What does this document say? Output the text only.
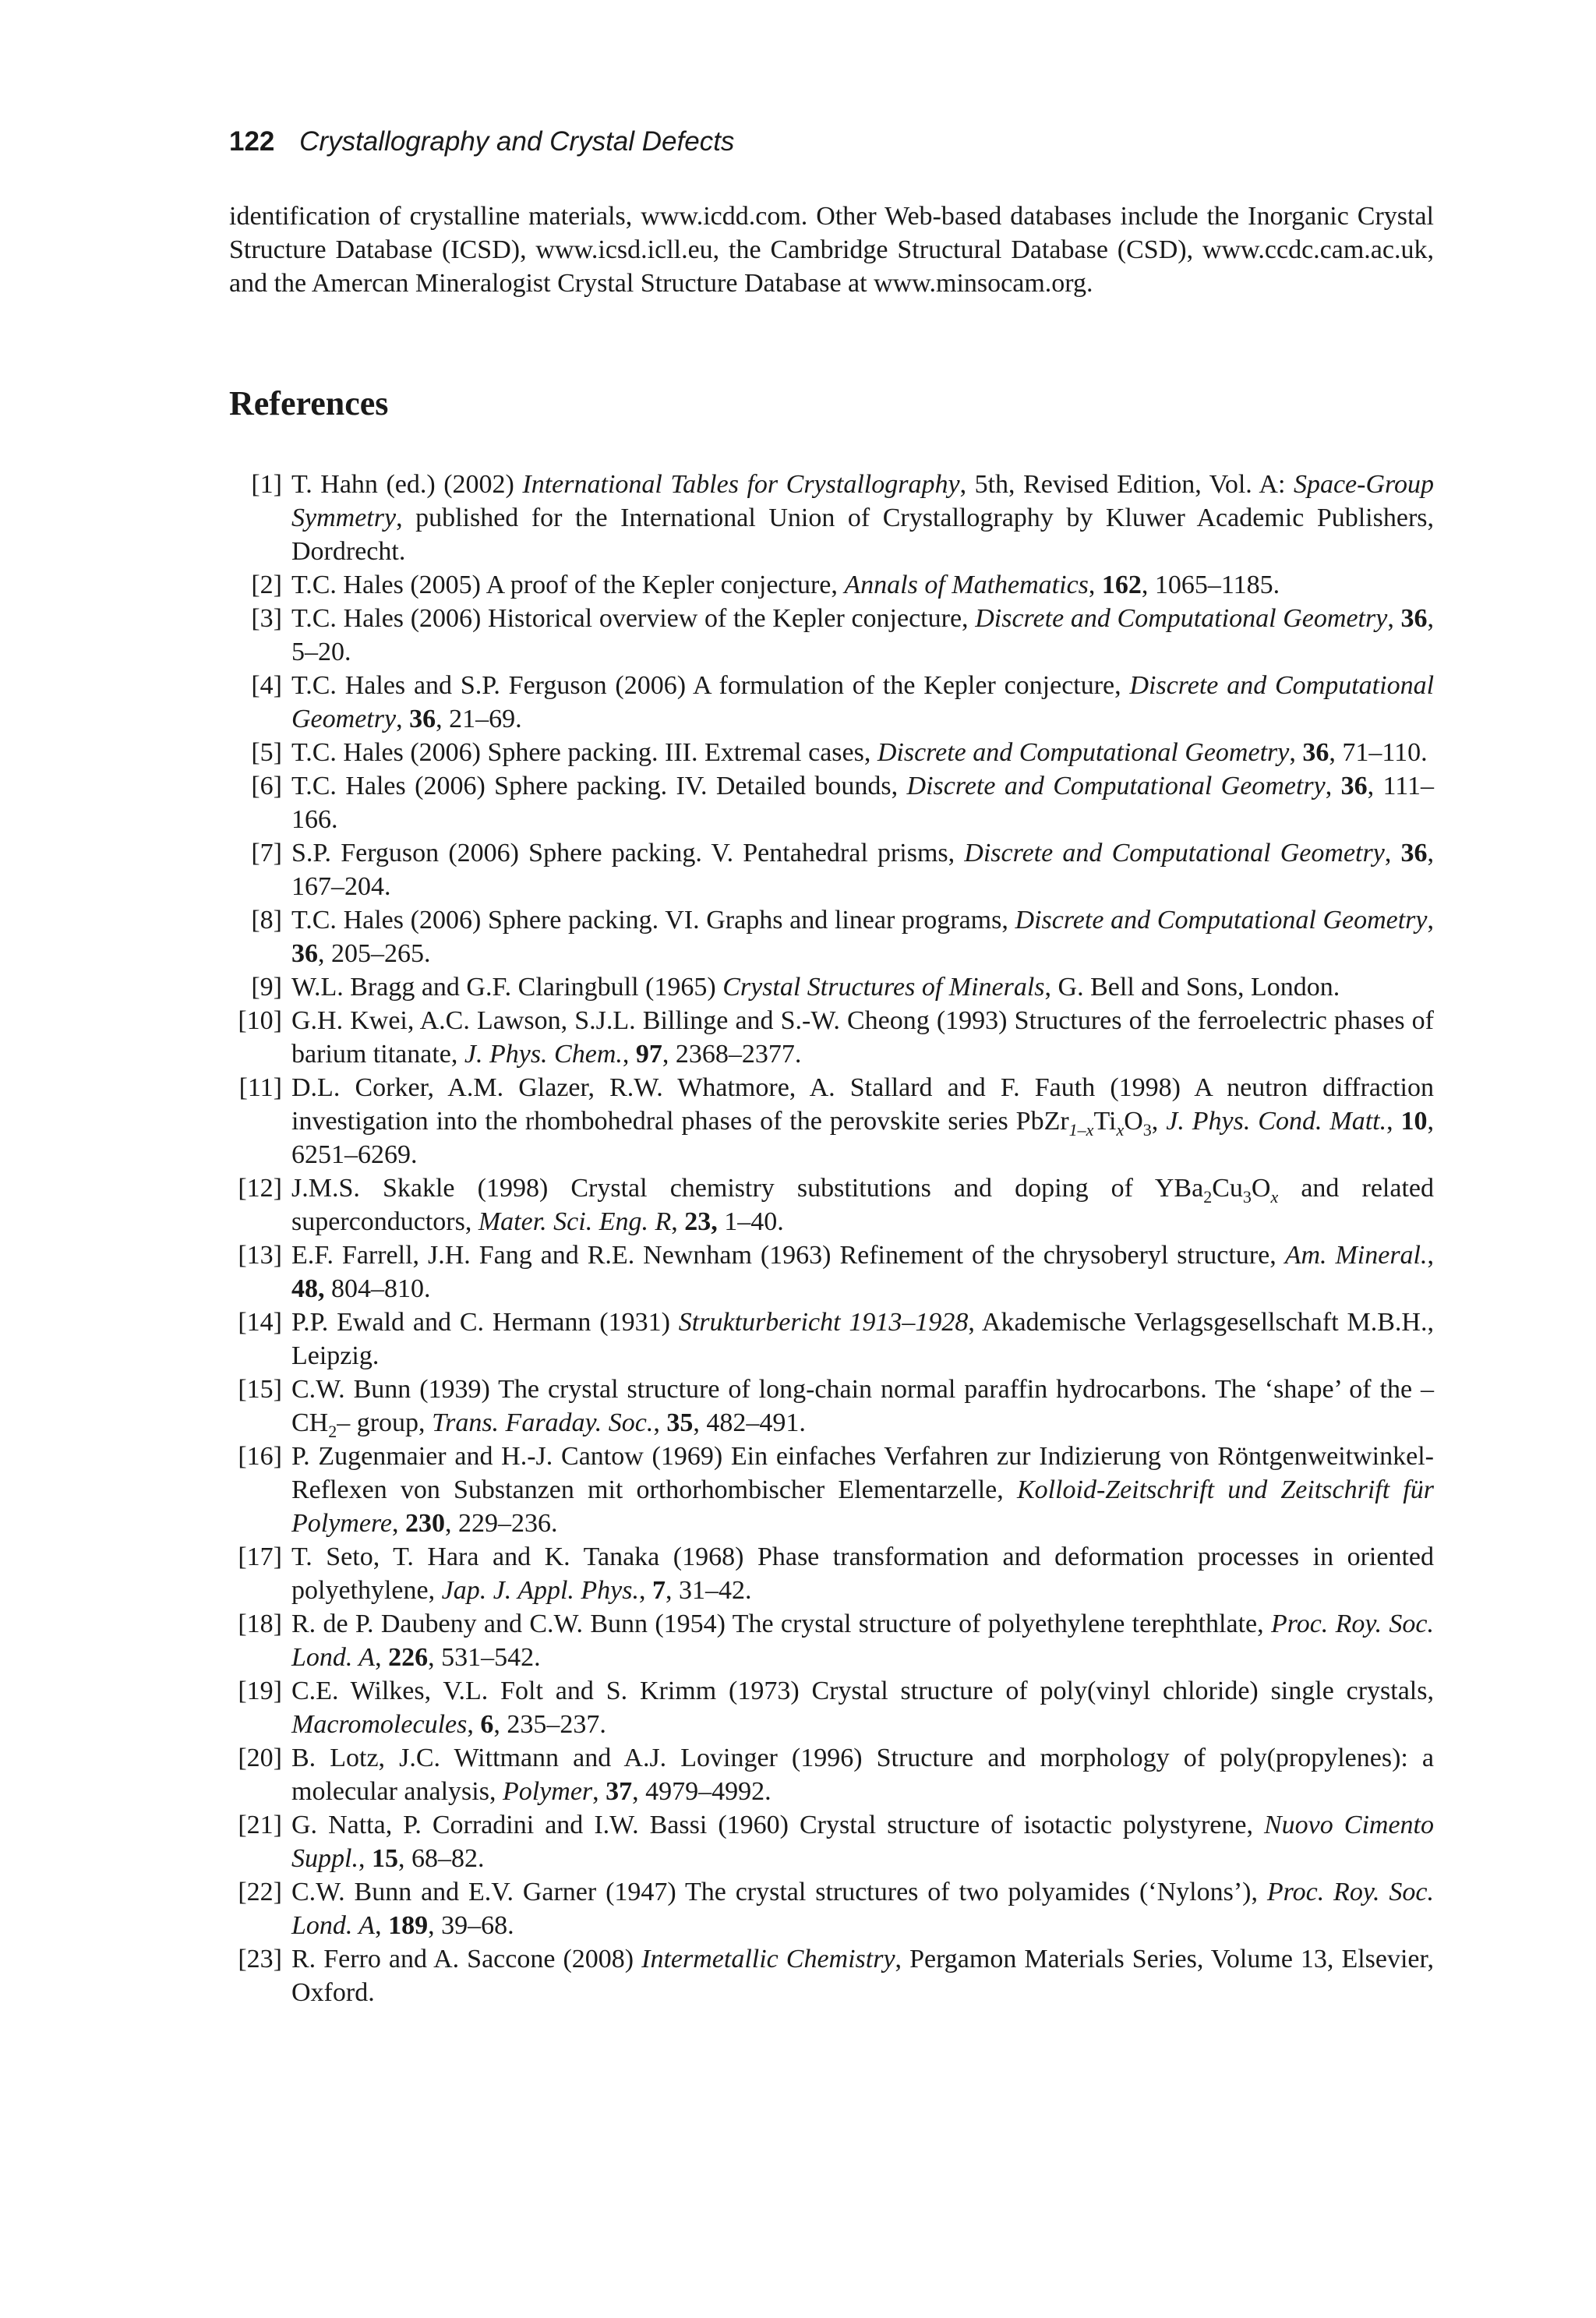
122 Crystallography and Crystal Defects

identification of crystalline materials, www.icdd.com. Other Web-based databases include the Inorganic Crystal Structure Database (ICSD), www.icsd.icll.eu, the Cambridge Structural Database (CSD), www.ccdc.cam.ac.uk, and the Amercan Mineralogist Crystal Structure Database at www.minsocam.org.

References
[1] T. Hahn (ed.) (2002) International Tables for Crystallography, 5th, Revised Edition, Vol. A: Space-Group Symmetry, published for the International Union of Crystallography by Kluwer Academic Publishers, Dordrecht.
[2] T.C. Hales (2005) A proof of the Kepler conjecture, Annals of Mathematics, 162, 1065–1185.
[3] T.C. Hales (2006) Historical overview of the Kepler conjecture, Discrete and Computational Geometry, 36, 5–20.
[4] T.C. Hales and S.P. Ferguson (2006) A formulation of the Kepler conjecture, Discrete and Computational Geometry, 36, 21–69.
[5] T.C. Hales (2006) Sphere packing. III. Extremal cases, Discrete and Computational Geometry, 36, 71–110.
[6] T.C. Hales (2006) Sphere packing. IV. Detailed bounds, Discrete and Computational Geometry, 36, 111–166.
[7] S.P. Ferguson (2006) Sphere packing. V. Pentahedral prisms, Discrete and Computational Geometry, 36, 167–204.
[8] T.C. Hales (2006) Sphere packing. VI. Graphs and linear programs, Discrete and Computational Geometry, 36, 205–265.
[9] W.L. Bragg and G.F. Claringbull (1965) Crystal Structures of Minerals, G. Bell and Sons, London.
[10] G.H. Kwei, A.C. Lawson, S.J.L. Billinge and S.-W. Cheong (1993) Structures of the ferroelectric phases of barium titanate, J. Phys. Chem., 97, 2368–2377.
[11] D.L. Corker, A.M. Glazer, R.W. Whatmore, A. Stallard and F. Fauth (1998) A neutron diffraction investigation into the rhombohedral phases of the perovskite series $PbZr_{1-x}Ti_xO_3$, J. Phys. Cond. Matt., 10, 6251–6269.
[12] J.M.S. Skakle (1998) Crystal chemistry substitutions and doping of $YBa_2Cu_3O_x$ and related superconductors, Mater. Sci. Eng. R, 23, 1–40.
[13] E.F. Farrell, J.H. Fang and R.E. Newnham (1963) Refinement of the chrysoberyl structure, Am. Mineral., 48, 804–810.
[14] P.P. Ewald and C. Hermann (1931) Strukturbericht 1913–1928, Akademische Verlagsgesellschaft M.B.H., Leipzig.
[15] C.W. Bunn (1939) The crystal structure of long-chain normal paraffin hydrocarbons. The ‘shape’ of the $-CH_2-$ group, Trans. Faraday. Soc., 35, 482–491.
[16] P. Zugenmaier and H.-J. Cantow (1969) Ein einfaches Verfahren zur Indizierung von Röntgenweitwinkel-Reflexen von Substanzen mit orthorhombischer Elementarzelle, Kolloid-Zeitschrift und Zeitschrift für Polymere, 230, 229–236.
[17] T. Seto, T. Hara and K. Tanaka (1968) Phase transformation and deformation processes in oriented polyethylene, Jap. J. Appl. Phys., 7, 31–42.
[18] R. de P. Daubeny and C.W. Bunn (1954) The crystal structure of polyethylene terephthlate, Proc. Roy. Soc. Lond. A, 226, 531–542.
[19] C.E. Wilkes, V.L. Folt and S. Krimm (1973) Crystal structure of poly(vinyl chloride) single crystals, Macromolecules, 6, 235–237.
[20] B. Lotz, J.C. Wittmann and A.J. Lovinger (1996) Structure and morphology of poly(propylenes): a molecular analysis, Polymer, 37, 4979–4992.
[21] G. Natta, P. Corradini and I.W. Bassi (1960) Crystal structure of isotactic polystyrene, Nuovo Cimento Suppl., 15, 68–82.
[22] C.W. Bunn and E.V. Garner (1947) The crystal structures of two polyamides (‘Nylons’), Proc. Roy. Soc. Lond. A, 189, 39–68.
[23] R. Ferro and A. Saccone (2008) Intermetallic Chemistry, Pergamon Materials Series, Volume 13, Elsevier, Oxford.
